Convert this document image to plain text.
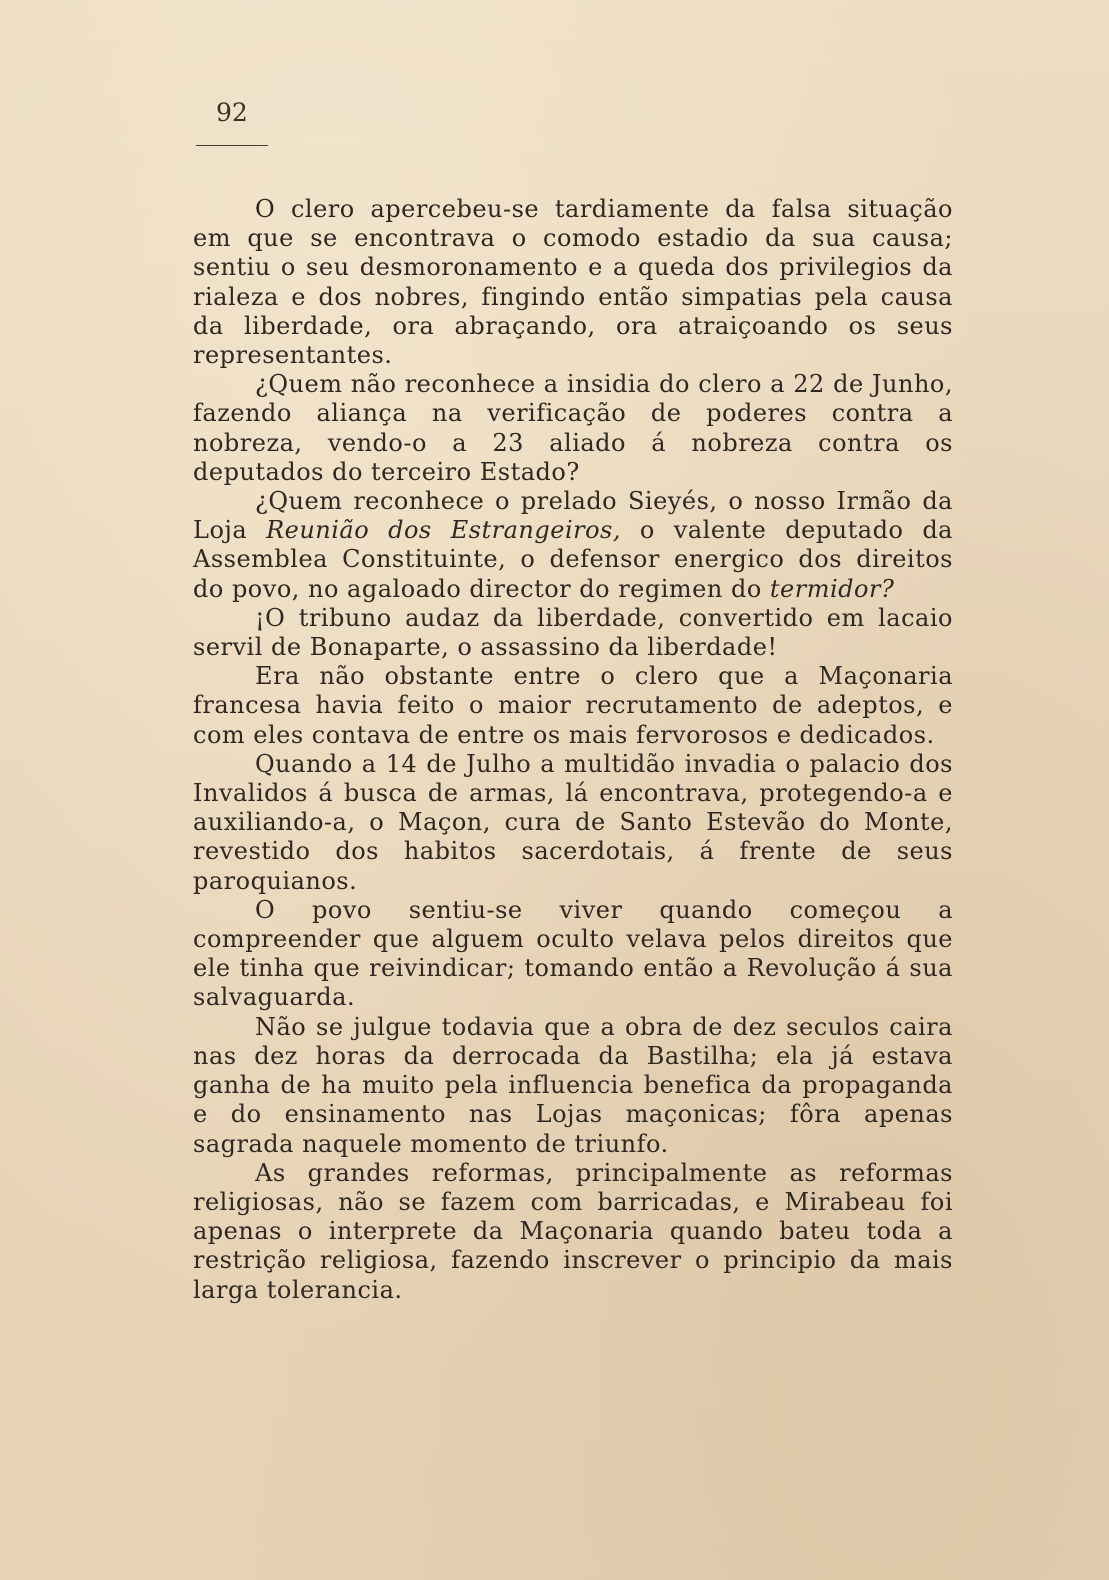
92

O clero apercebeu-se tardiamente da falsa situação em que se encontrava o comodo estadio da sua causa; sentiu o seu desmoronamento e a queda dos privilegios da rialeza e dos nobres, fingindo então simpatias pela causa da liberdade, ora abraçando, ora atraiçoando os seus representantes.

¿Quem não reconhece a insidia do clero a 22 de Junho, fazendo aliança na verificação de poderes contra a nobreza, vendo-o a 23 aliado á nobreza contra os deputados do terceiro Estado?

¿Quem reconhece o prelado Sieyés, o nosso Irmão da Loja Reunião dos Estrangeiros, o valente deputado da Assemblea Constituinte, o defensor energico dos direitos do povo, no agaloado director do regimen do termidor?

¡O tribuno audaz da liberdade, convertido em lacaio servil de Bonaparte, o assassino da liberdade!

Era não obstante entre o clero que a Maçonaria francesa havia feito o maior recrutamento de adeptos, e com eles contava de entre os mais fervorosos e dedicados.

Quando a 14 de Julho a multidão invadia o palacio dos Invalidos á busca de armas, lá encontrava, protegendo-a e auxiliando-a, o Maçon, cura de Santo Estevão do Monte, revestido dos habitos sacerdotais, á frente de seus paroquianos.

O povo sentiu-se viver quando começou a compreender que alguem oculto velava pelos direitos que ele tinha que reivindicar; tomando então a Revolução á sua salvaguarda.

Não se julgue todavia que a obra de dez seculos caira nas dez horas da derrocada da Bastilha; ela já estava ganha de ha muito pela influencia benefica da propaganda e do ensinamento nas Lojas maçonicas; fôra apenas sagrada naquele momento de triunfo.

As grandes reformas, principalmente as reformas religiosas, não se fazem com barricadas, e Mirabeau foi apenas o interprete da Maçonaria quando bateu toda a restrição religiosa, fazendo inscrever o principio da mais larga tolerancia.
